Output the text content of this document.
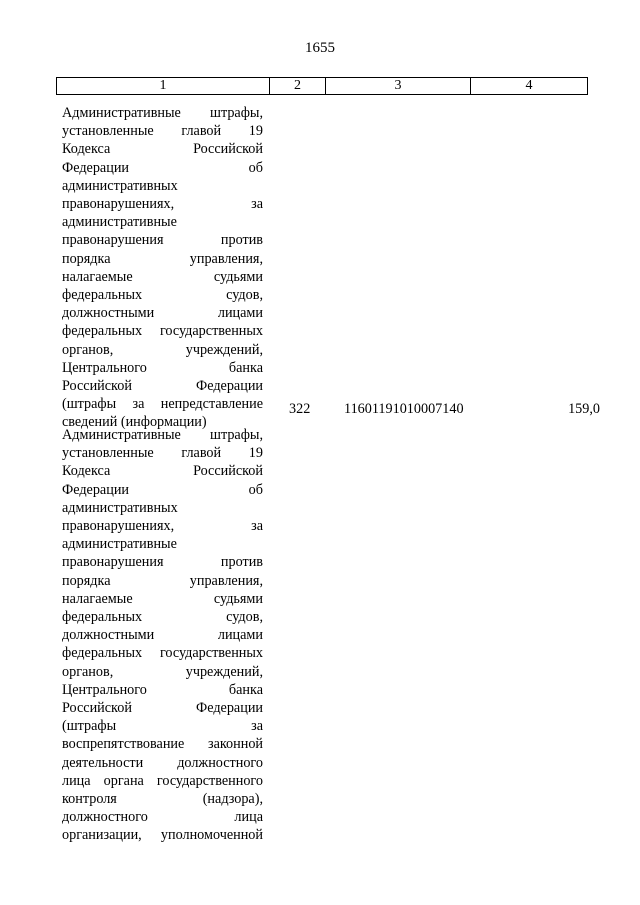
1655
1	2	3	4
Административные штрафы,
установленные главой 19
Кодекса Российской
Федерации об
административных
правонарушениях, за
административные
правонарушения против
порядка управления,
налагаемые судьями
федеральных судов,
должностными лицами
федеральных государственных
органов, учреждений,
Центрального банка
Российской Федерации
(штрафы за непредставление
сведений (информации)
322 11601191010007140	159,0
Административные штрафы,
установленные главой 19
Кодекса Российской
Федерации об
административных
правонарушениях, за
административные
правонарушения против
порядка управления,
налагаемые судьями
федеральных судов,
должностными лицами
федеральных государственных
органов, учреждений,
Центрального банка
Российской Федерации
(штрафы за
воспрепятствование законной
деятельности должностного
лица органа государственного
контроля (надзора),
должностного лица
организации, уполномоченной
